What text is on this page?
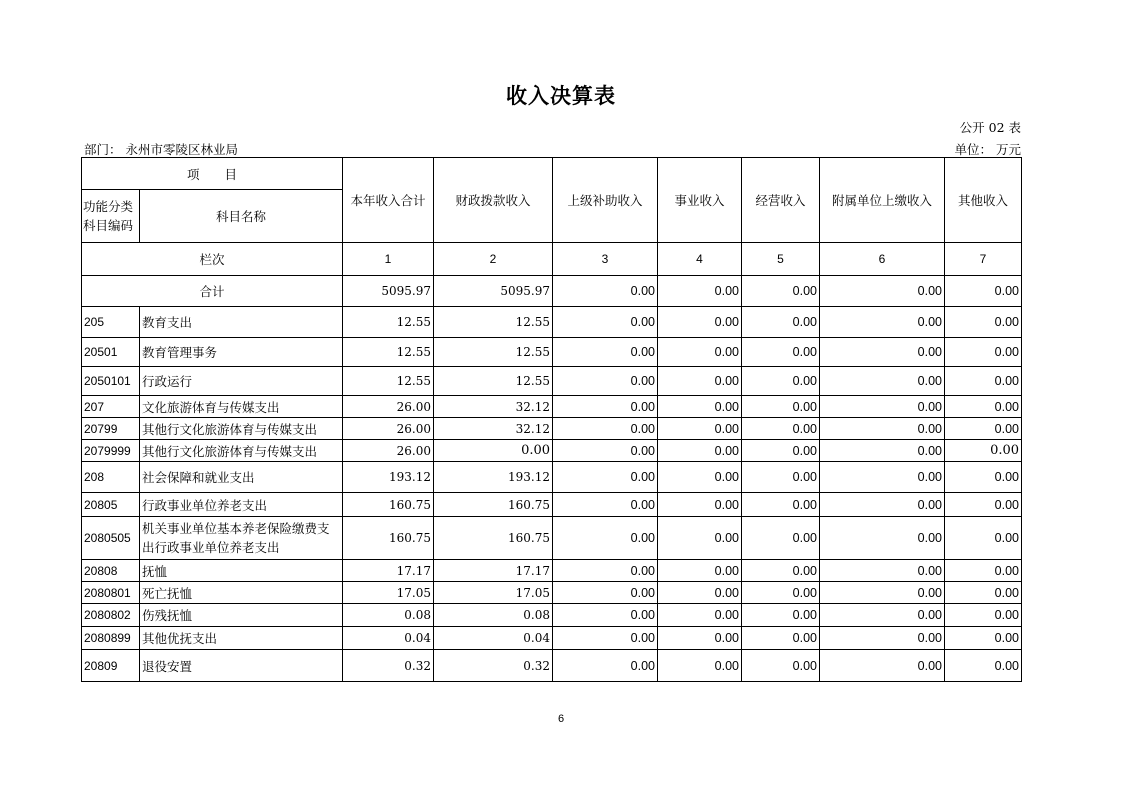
收入决算表
公开 02 表
部门： 永州市零陵区林业局	单位： 万元
项　　目		本年收入合计	财政拨款收入	上级补助收入	事业收入	经营收入	附属单位上缴收入	其他收入
功能分类
科目编码	科目名称							
栏次		1	2	3	4	5	6	7
合计		5095.97	5095.97	0.00	0.00	0.00	0.00	0.00
205	教育支出	12.55	12.55	0.00	0.00	0.00	0.00	0.00
20501	教育管理事务	12.55	12.55	0.00	0.00	0.00	0.00	0.00
2050101	行政运行	12.55	12.55	0.00	0.00	0.00	0.00	0.00
207	文化旅游体育与传媒支出	26.00	32.12	0.00	0.00	0.00	0.00	0.00
20799	其他行文化旅游体育与传媒支出	26.00	32.12	0.00	0.00	0.00	0.00	0.00
2079999	其他行文化旅游体育与传媒支出	26.00	0.00	0.00	0.00	0.00	0.00	0.00
208	社会保障和就业支出	193.12	193.12	0.00	0.00	0.00	0.00	0.00
20805	行政事业单位养老支出	160.75	160.75	0.00	0.00	0.00	0.00	0.00
2080505	机关事业单位基本养老保险缴费支出行政事业单位养老支出	160.75	160.75	0.00	0.00	0.00	0.00	0.00
20808	抚恤	17.17	17.17	0.00	0.00	0.00	0.00	0.00
2080801	死亡抚恤	17.05	17.05	0.00	0.00	0.00	0.00	0.00
2080802	伤残抚恤	0.08	0.08	0.00	0.00	0.00	0.00	0.00
2080899	其他优抚支出	0.04	0.04	0.00	0.00	0.00	0.00	0.00
20809	退役安置	0.32	0.32	0.00	0.00	0.00	0.00	0.00
6
